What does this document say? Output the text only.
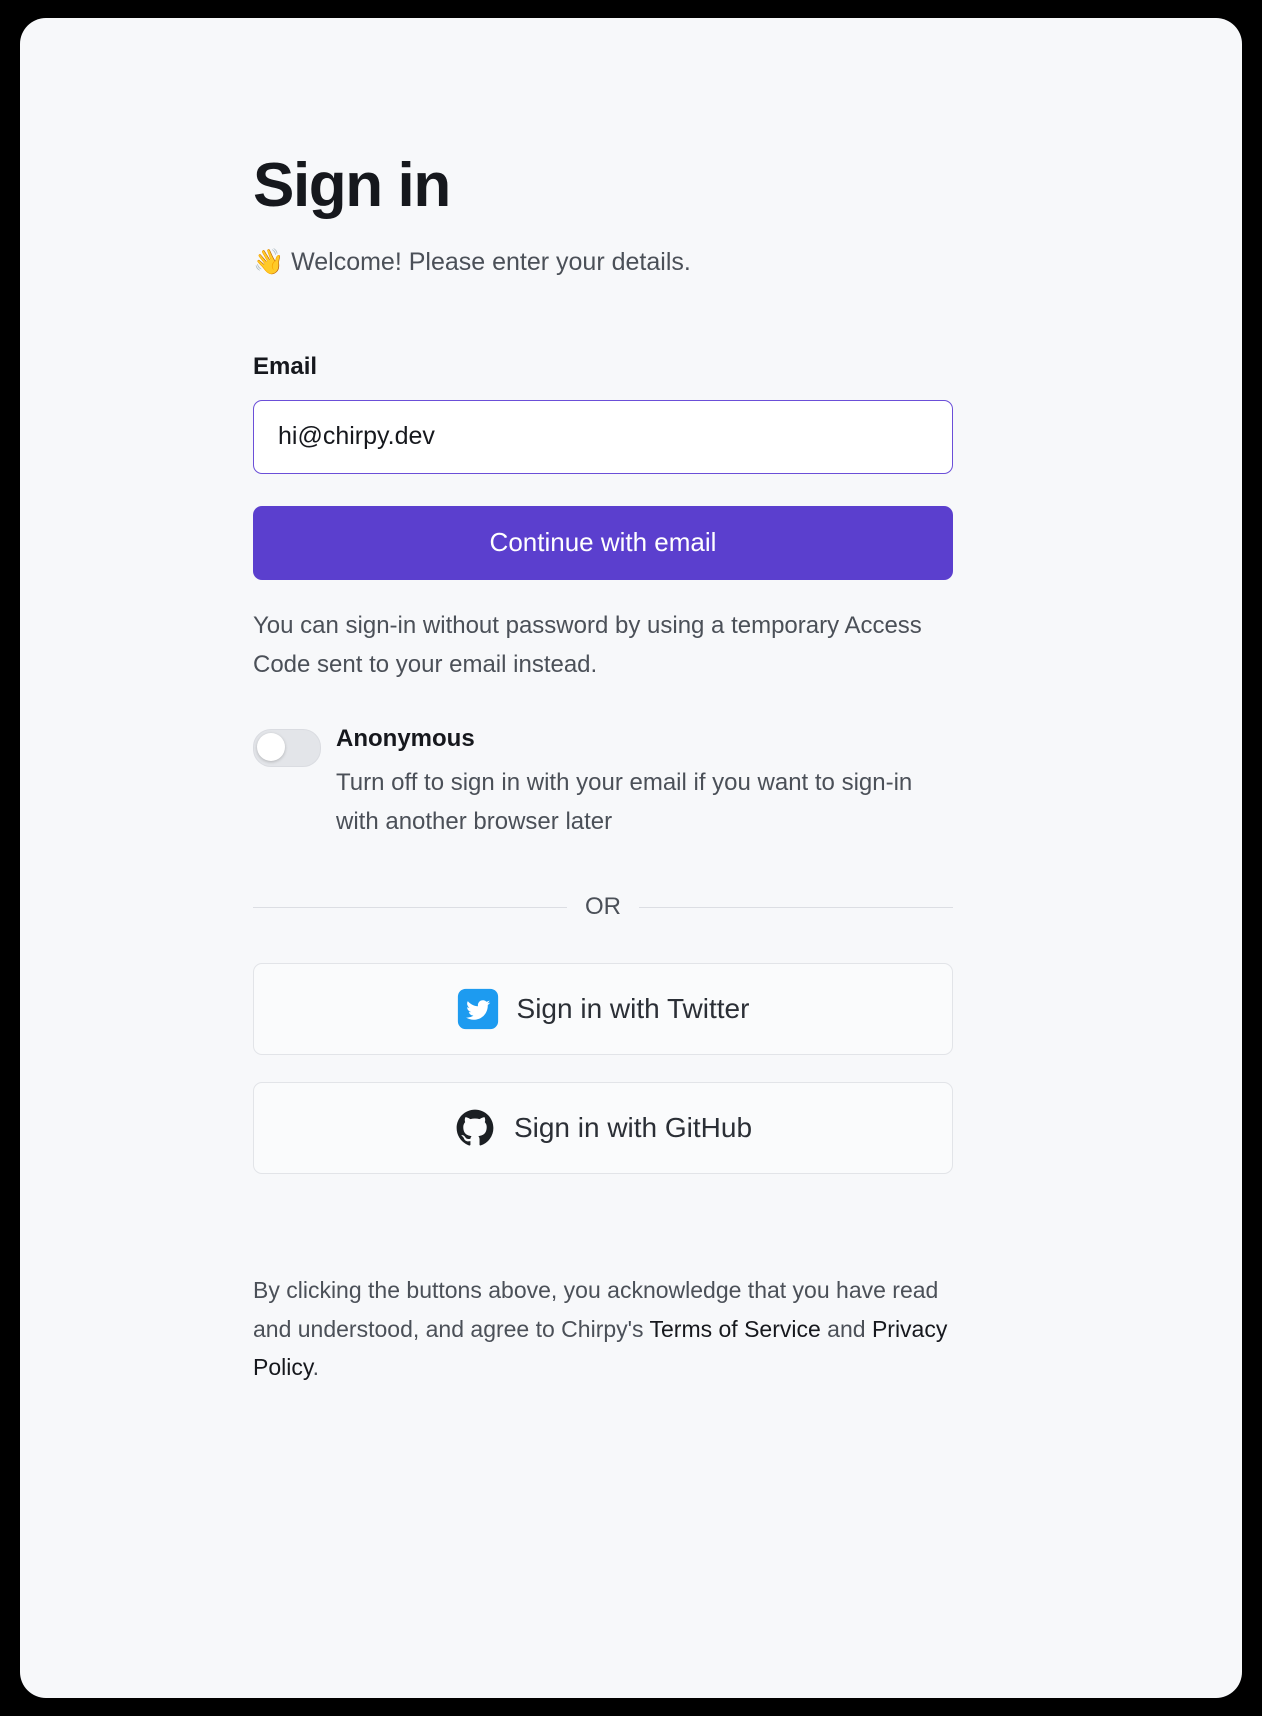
Sign in

👋 Welcome! Please enter your details.

Email

hi@chirpy.dev
Continue with email

You can sign-in without password by using a temporary Access Code sent to your email instead.

Anonymous

Turn off to sign in with your email if you want to sign-in with another browser later

OR
Sign in with Twitter
Sign in with GitHub

By clicking the buttons above, you acknowledge that you have read and understood, and agree to Chirpy's Terms of Service and Privacy Policy.
